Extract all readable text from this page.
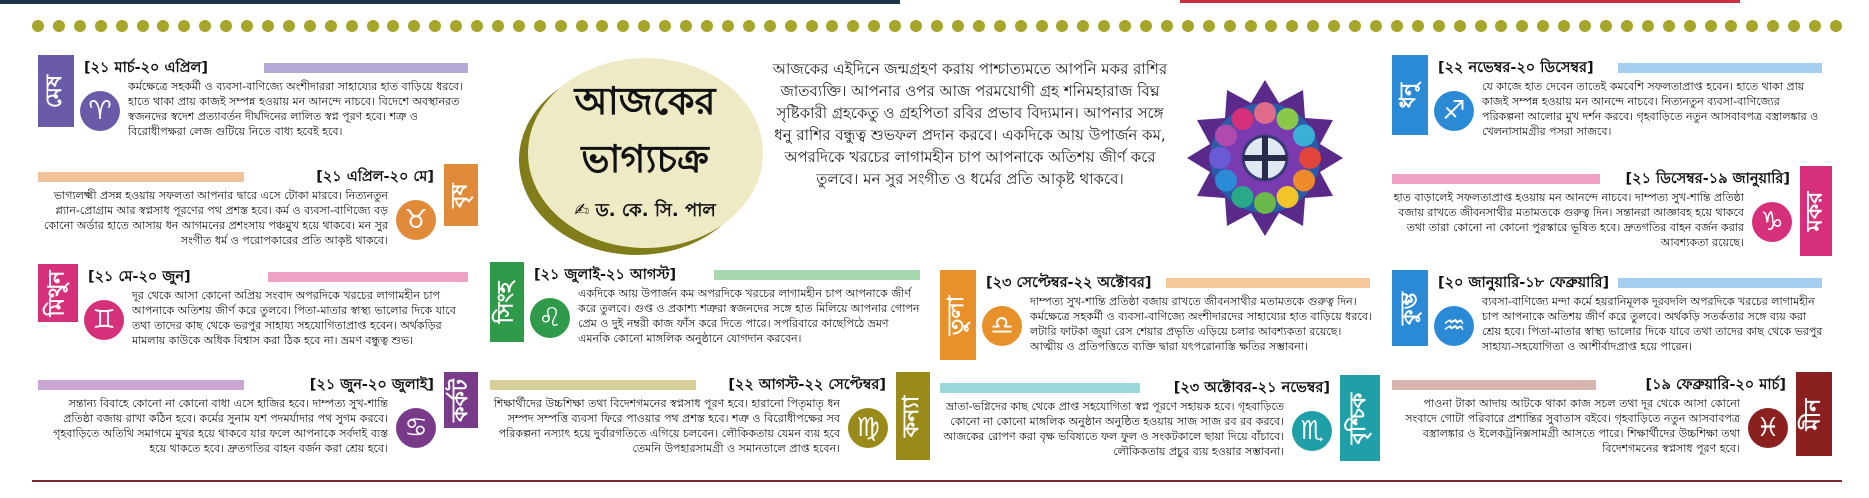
আজকের
ভাগ্যচক্র
✍ ড. কে. সি. পাল
আজকের এইদিনে জন্মগ্রহণ করায় পাশ্চাত্যমতে আপনি মকর রাশির জাতব্যক্তি। আপনার ওপর আজ পরমযোগী গ্রহ শনিমহারাজ বিঘ্ন সৃষ্টিকারী গ্রহকেতু ও গ্রহপিতা রবির প্রভাব বিদ্যমান। আপনার সঙ্গে ধনু রাশির বন্ধুত্ব শুভফল প্রদান করবে। একদিকে আয় উপার্জন কম, অপরদিকে খরচের লাগামহীন চাপ আপনাকে অতিশয় জীর্ণ করে তুলবে। মন সুর সংগীত ও ধর্মের প্রতি আকৃষ্ট থাকবে।
মেষ
[২১ মার্চ-২০ এপ্রিল]
♈
কর্মক্ষেত্রে সহকর্মী ও ব্যবসা-বাণিজ্যে অংশীদাররা সাহায্যের হাত বাড়িয়ে ধরবে। হাতে থাকা প্রায় কাজই সম্পন্ন হওয়ায় মন আনন্দে নাচবে। বিদেশে অবস্থানরত স্বজনদের স্বদেশ প্রত্যাবর্তন দীর্ঘদিনের লালিত স্বপ্ন পূরণ হবে। শত্রু ও বিরোধীপক্ষরা লেজ গুটিয়ে নিতে বাধ্য হবেই হবে।
বৃষ
[২১ এপ্রিল-২০ মে]
♉
ভাগ্যলক্ষ্মী প্রসন্ন হওয়ায় সফলতা আপনার দ্বারে এসে টোকা মারবে। নিত্যনতুন প্ল্যান-প্রোগ্রাম আর স্বপ্নসাধ পূরণের পথ প্রশস্ত হবে। কর্ম ও ব্যবসা-বাণিজ্যে বড় কোনো অর্ডার হাতে আসায় ধন আগমনের প্রশংসায় পঞ্চমুখ হয়ে থাকবে। মন সুর সংগীত ধর্ম ও পরোপকারের প্রতি আকৃষ্ট থাকবে।
মিথুন	[২১ মে-২০ জুন]
♊
দূর থেকে আসা কোনো অপ্রিয় সংবাদ অপরদিকে খরচের লাগামহীন চাপ আপনাকে অতিশয় জীর্ণ করে তুলবে। পিতা-মাতার স্বাস্থ্য ভালোর দিকে যাবে তথা তাদের কাছ থেকে ভরপুর সাহায্য সহযোগিতাপ্রাপ্ত হবেন। অর্থকড়ির মামলায় কাউকে অধিক বিশ্বাস করা ঠিক হবে না। ভ্রমণ বন্ধুত্ব শুভ।
কর্কট
[২১ জুন-২০ জুলাই]
♋
সন্তান্য বিবাহে কোনো না কোনো বাধা এসে হাজির হবে। দাম্পত্য সুখ-শান্তি প্রতিষ্ঠা বজায় রাখা কঠিন হবে। কর্মের সুনাম যশ পদমর্যাদার পথ সুগম করবে। গৃহবাড়িতে অতিথি সমাগমে মুখর হয়ে থাকবে যার ফলে আপনাকে সর্বদাই ব্যস্ত হয়ে থাকতে হবে। দ্রুতগতির বাহন বর্জন করা শ্রেয় হবে।
সিংহ
[২১ জুলাই-২১ আগস্ট]
♌
একদিকে আয় উপার্জন কম অপরদিকে খরচের লাগামহীন চাপ আপনাকে জীর্ণ করে তুলবে। গুপ্ত ও প্রকাশ্য শত্রুরা স্বজনদের সঙ্গে হাত মিলিয়ে আপনার গোপন প্রেম ও দুই নম্বরী কাজ ফাঁস করে দিতে পারে। সপরিবারে কাছেপিঠে ভ্রমণ এমনকি কোনো মাঙ্গলিক অনুষ্ঠানে যোগদান করবেন।
কন্যা
[২২ আগস্ট-২২ সেপ্টেম্বর]
♍
শিক্ষার্থীদের উচ্চশিক্ষা তথা বিদেশগমনের স্বপ্নসাধ পূরণ হবে। হারানো পিতৃমাতৃ ধন সম্পদ সম্পত্তি ব্যবসা ফিরে পাওয়ার পথ প্রশস্ত হবে। শত্রু ও বিরোধীপক্ষের সব পরিকল্পনা নস্যাৎ হয়ে দুর্বারগতিতে এগিয়ে চলবেন। লৌকিকতায় যেমন ব্যয় হবে তেমনি উপহারসামগ্রী ও সমানতালে প্রাপ্ত হবেন।
তুলা
[২৩ সেপ্টেম্বর-২২ অক্টোবর]
♎
দাম্পত্য সুখ-শান্তি প্রতিষ্ঠা বজায় রাখতে জীবনসাথীর মতামতকে গুরুত্ব দিন। কর্মক্ষেত্রে সহকর্মী ও ব্যবসা-বাণিজ্যে অংশীদারদের সাহায্যের হাত বাড়িয়ে ধরবে। লটারি ফাটকা জুয়া রেস শেয়ার প্রভৃতি এড়িয়ে চলার আবশ্যকতা রয়েছে। আত্মীয় ও প্রতিপত্তিতে ব্যক্তি দ্বারা যৎপরোনাস্তি ক্ষতির সম্ভাবনা।
বৃশ্চিক
[২৩ অক্টোবর-২১ নভেম্বর]
♏
ভ্রাতা-ভগ্নিদের কাছ থেকে প্রাপ্ত সহযোগিতা স্বপ্ন পূরণে সহায়ক হবে। গৃহবাড়িতে কোনো না কোনো মাঙ্গলিক অনুষ্ঠান অনুষ্ঠিত হওয়ায় সাজ সাজ রব রব করবে। আজকের রোপণ করা বৃক্ষ ভবিষ্যতে ফল ফুল ও সংকটকালে ছায়া দিয়ে বাঁচাবে। লৌকিকতায় প্রচুর ব্যয় হওয়ার সম্ভাবনা।
ধনু
[২২ নভেম্বর-২০ ডিসেম্বর]
♐
যে কাজে হাত দেবেন তাতেই কমবেশি সফলতাপ্রাপ্ত হবেন। হাতে থাকা প্রায় কাজই সম্পন্ন হওয়ায় মন আনন্দে নাচবে। নিত্যনতুন ব্যবসা-বাণিজ্যের পরিকল্পনা আলোর মুখ দর্শন করবে। গৃহবাড়িতে নতুন আসবাবপত্র বস্ত্রালঙ্কার ও খেলনাসামগ্রীর পসরা সাজবে।
মকর
[২১ ডিসেম্বর-১৯ জানুয়ারি]
♑
হাত বাড়ালেই সফলতাপ্রাপ্ত হওয়ায় মন আনন্দে নাচবে। দাম্পত্য সুখ-শান্তি প্রতিষ্ঠা বজায় রাখতে জীবনসাথীর মতামতকে গুরুত্ব দিন। সন্তানরা আজ্ঞাবহ হয়ে থাকবে তথা তারা কোনো না কোনো পুরস্কারে ভূষিত হবে। দ্রুতগতির বাহন বর্জন করার আবশ্যকতা রয়েছে।
কুম্ভ
[২০ জানুয়ারি-১৮ ফেব্রুয়ারি]
♒
ব্যবসা-বাণিজ্যে মন্দা কর্মে হয়রানিমূলক দূরবদলি অপরদিকে খরচের লাগামহীন চাপ আপনাকে অতিশয় জীর্ণ করে তুলবে। অর্থকড়ি সতর্কতার সঙ্গে ব্যয় করা শ্রেয় হবে। পিতা-মাতার স্বাস্থ্য ভালোর দিকে যাবে তথা তাদের কাছ থেকে ভরপুর সাহায্য-সহযোগিতা ও আশীর্বাদপ্রাপ্ত হয়ে পারেন।
মীন
[১৯ ফেব্রুয়ারি-২০ মার্চ]
♓
পাওনা টাকা আদায় আটকে থাকা কাজ সচল তথা দূর থেকে আসা কোনো সংবাদে গোটা পরিবারে প্রশান্তির সুবাতাস বইবে। গৃহবাড়িতে নতুন আসবাবপত্র বস্ত্রালঙ্কার ও ইলেকট্রনিক্সসামগ্রী আসতে পারে। শিক্ষার্থীদের উচ্চশিক্ষা তথা বিদেশগমনের স্বপ্নসাধ পূরণ হবে।
